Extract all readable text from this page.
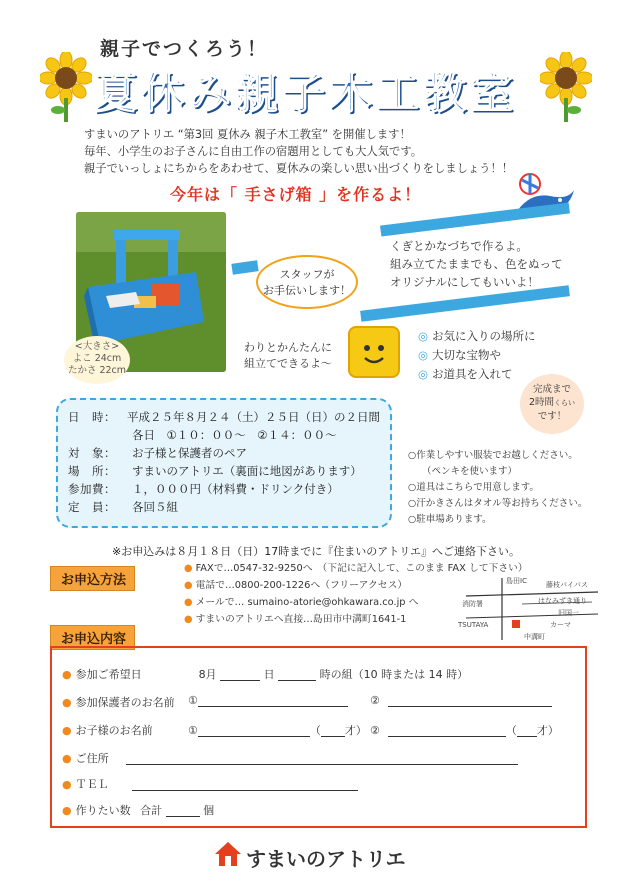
親子でつくろう！
夏休み親子木工教室
すまいのアトリエ “第3回 夏休み 親子木工教室” を開催します！
毎年、小学生のお子さんに自由工作の宿題用としても大人気です。
親子でいっしょにちからをあわせて、夏休みの楽しい思い出づくりをしましょう！！
今年は「 手さげ箱 」を作るよ！
<大きさ>
よこ 24cm
たかさ 22cm
くぎとかなづちで作るよ。
組み立てたままでも、色をぬって
オリジナルにしてもいいよ！
スタッフが
お手伝いします！
わりとかんたんに
組立てできるよ～
◎ お気に入りの場所に
◎ 大切な宝物や
◎ お道具を入れて
完成まで
2時間くらい
です！
日　時： 平成２５年８月２４（土）２５日（日）の２日間
各日　①１０：００～　②１４：００～
対　象：	お子様と保護者のペア
場　所：	すまいのアトリエ（裏面に地図があります）
参加費：	１，０００円（材料費・ドリンク付き）
定　員：	各回５組
○作業しやすい服装でお越しください。
（ペンキを使います）
○道具はこちらで用意します。
○汗かきさんはタオル等お持ちください。
○駐車場あります。
※お申込みは８月１８日（日）17時までに『住まいのアトリエ』へご連絡下さい。
お申込方法
● FAXで…0547-32-9250へ　（下記に記入して、このまま FAX して下さい）
● 電話で…0800-200-1226へ（フリーアクセス）
● メールで… sumaino-atorie@ohkawara.co.jp へ
● すまいのアトリエへ直接…島田市中溝町1641-1
島田IC	藤枝バイパス
消防署	はなみずき通り
TSUTAYA
旧国一
カーマ
中溝町
お申込内容
● 参加ご希望日	8月	日	時の組（10 時または 14 時）
● 参加保護者のお名前 ①	②
● お子様のお名前	①	（ 才） ②	（ 才）
● ご住所
● ＴＥＬ
● 作りたい数 合計	個
すまいのアトリエ
